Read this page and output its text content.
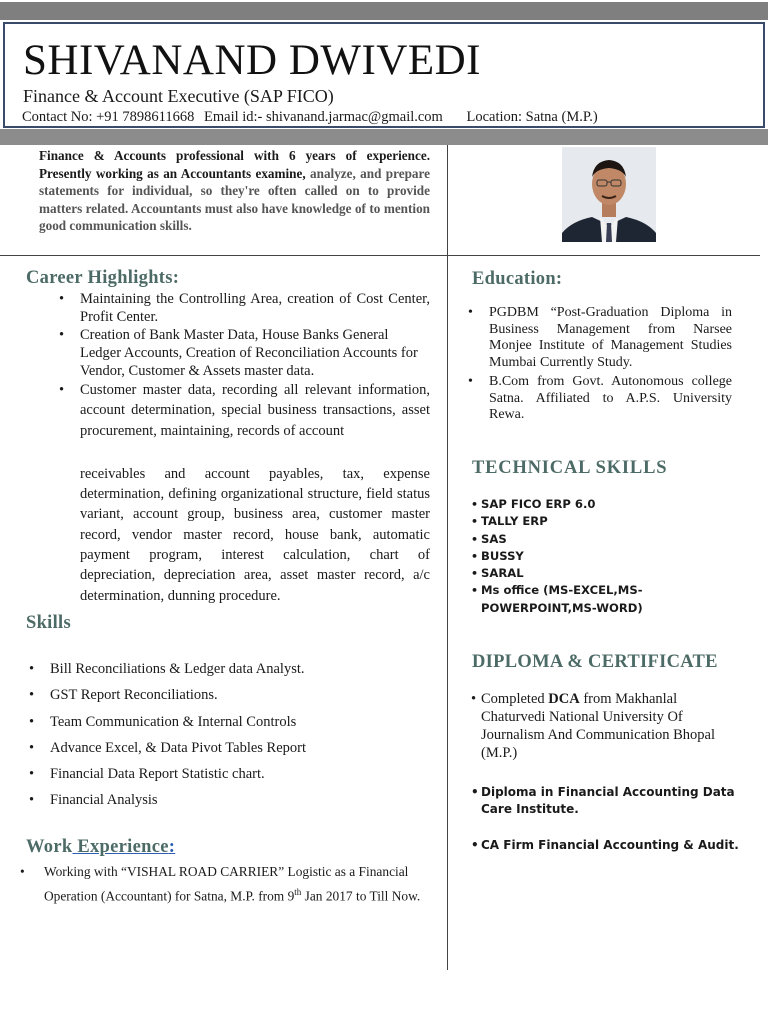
SHIVANAND DWIVEDI
Finance & Account Executive (SAP FICO)
Contact No: +91 7898611668 Email id:- shivanand.jarmac@gmail.com Location: Satna (M.P.)
Finance & Accounts professional with 6 years of experience. Presently working as an Accountants examine, analyze, and prepare statements for individual, so they're often called on to provide matters related. Accountants must also have knowledge of to mention good communication skills.
Career Highlights:
• Maintaining the Controlling Area, creation of Cost Center, Profit Center.
• Creation of Bank Master Data, House Banks General Ledger Accounts, Creation of Reconciliation Accounts for Vendor, Customer & Assets master data.
• Customer master data, recording all relevant information, account determination, special business transactions, asset procurement, maintaining, records of account
receivables and account payables, tax, expense determination, defining organizational structure, field status variant, account group, business area, customer master record, vendor master record, house bank, automatic payment program, interest calculation, chart of depreciation, depreciation area, asset master record, a/c determination, dunning procedure.
Skills
• Bill Reconciliations & Ledger data Analyst.
• GST Report Reconciliations.
• Team Communication & Internal Controls
• Advance Excel, & Data Pivot Tables Report
• Financial Data Report Statistic chart.
• Financial Analysis
Work Experience:
• Working with “VISHAL ROAD CARRIER” Logistic as a Financial Operation (Accountant) for Satna, M.P. from 9th Jan 2017 to Till Now.
Education:
• PGDBM “Post-Graduation Diploma in Business Management from Narsee Monjee Institute of Management Studies Mumbai Currently Study.
• B.Com from Govt. Autonomous college Satna. Affiliated to A.P.S. University Rewa.
TECHNICAL SKILLS
• SAP FICO ERP 6.0
• TALLY ERP
• SAS
• BUSSY
• SARAL
• Ms office (MS-EXCEL,MS-POWERPOINT,MS-WORD)
DIPLOMA & CERTIFICATE
• Completed DCA from Makhanlal Chaturvedi National University Of Journalism And Communication Bhopal (M.P.)
• Diploma in Financial Accounting Data Care Institute.
• CA Firm Financial Accounting & Audit.
